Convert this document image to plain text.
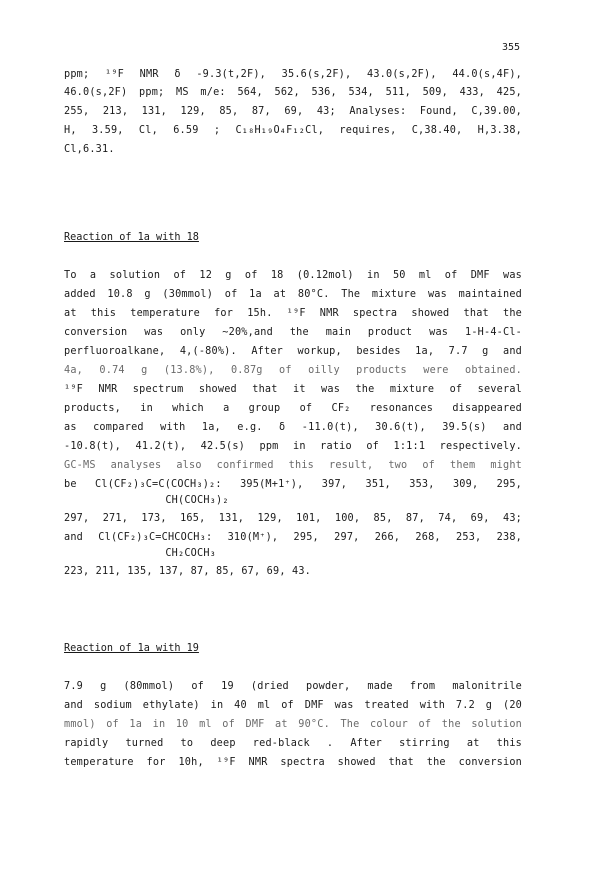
355
ppm; ¹⁹F NMR δ -9.3(t,2F), 35.6(s,2F), 43.0(s,2F), 44.0(s,4F),
46.0(s,2F) ppm; MS m/e: 564, 562, 536, 534, 511, 509, 433, 425,
255, 213, 131, 129, 85, 87, 69, 43; Analyses: Found, C,39.00,
H, 3.59, Cl, 6.59 ; C₁₈H₁₉O₄F₁₂Cl, requires, C,38.40, H,3.38,
Cl,6.31.
Reaction of 1a with 18
To a solution of 12 g of 18 (0.12mol) in 50 ml of DMF was
added 10.8 g (30mmol) of 1a at 80°C. The mixture was maintained
at this temperature for 15h. ¹⁹F NMR spectra showed that the
conversion was only ~20%,and the main product was 1-H-4-Cl-
perfluoroalkane, 4,(-80%). After workup, besides 1a, 7.7 g and
4a, 0.74 g (13.8%), 0.87g of oilly products were obtained.
¹⁹F NMR spectrum showed that it was the mixture of several
products, in which a group of CF₂ resonances disappeared
as compared with 1a, e.g. δ -11.0(t), 30.6(t), 39.5(s) and
-10.8(t), 41.2(t), 42.5(s) ppm in ratio of 1:1:1 respectively.
GC-MS analyses also confirmed this result, two of them might
be Cl(CF₂)₃C=C(COCH₃)₂: 395(M+1⁺), 397, 351, 353, 309, 295,
CH(COCH₃)₂
297, 271, 173, 165, 131, 129, 101, 100, 85, 87, 74, 69, 43;
and Cl(CF₂)₃C=CHCOCH₃: 310(M⁺), 295, 297, 266, 268, 253, 238,
CH₂COCH₃
223, 211, 135, 137, 87, 85, 67, 69, 43.
Reaction of 1a with 19
7.9 g (80mmol) of 19 (dried powder, made from malonitrile
and sodium ethylate) in 40 ml of DMF was treated with 7.2 g (20
mmol) of 1a in 10 ml of DMF at 90°C. The colour of the solution
rapidly turned to deep red-black . After stirring at this
temperature for 10h, ¹⁹F NMR spectra showed that the conversion
